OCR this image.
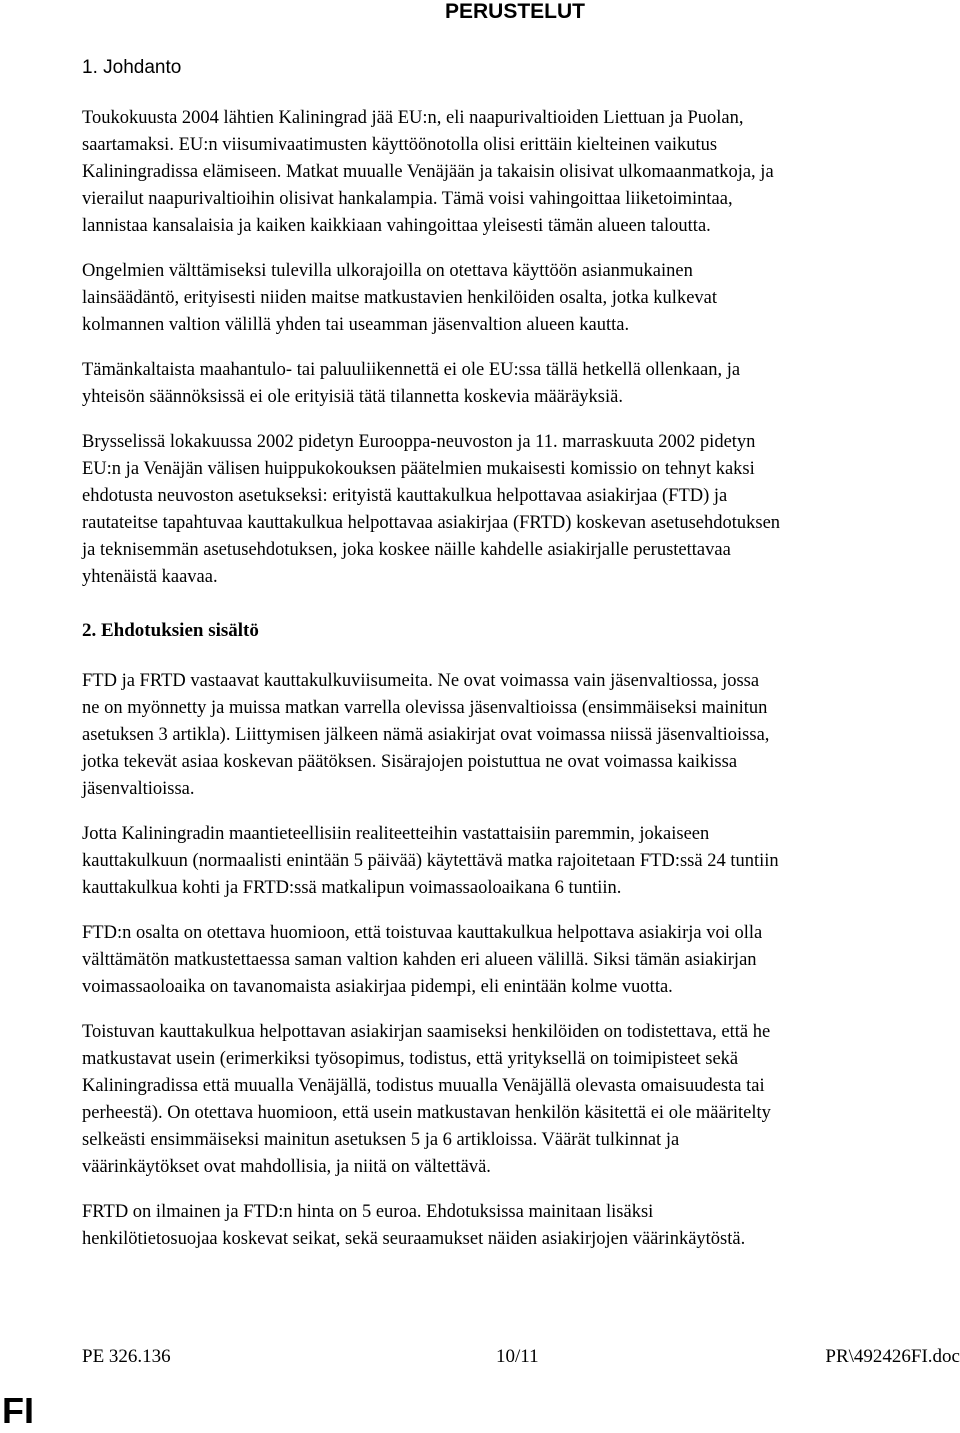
PERUSTELUT
1. Johdanto
Toukokuusta 2004 lähtien Kaliningrad jää EU:n, eli naapurivaltioiden Liettuan ja Puolan,
saartamaksi. EU:n viisumivaatimusten käyttöönotolla olisi erittäin kielteinen vaikutus
Kaliningradissa elämiseen. Matkat muualle Venäjään ja takaisin olisivat ulkomaanmatkoja, ja
vierailut naapurivaltioihin olisivat hankalampia. Tämä voisi vahingoittaa liiketoimintaa,
lannistaa kansalaisia ja kaiken kaikkiaan vahingoittaa yleisesti tämän alueen taloutta.
Ongelmien välttämiseksi tulevilla ulkorajoilla on otettava käyttöön asianmukainen
lainsäädäntö, erityisesti niiden maitse matkustavien henkilöiden osalta, jotka kulkevat
kolmannen valtion välillä yhden tai useamman jäsenvaltion alueen kautta.
Tämänkaltaista maahantulo- tai paluuliikennettä ei ole EU:ssa tällä hetkellä ollenkaan, ja
yhteisön säännöksissä ei ole erityisiä tätä tilannetta koskevia määräyksiä.
Brysselissä lokakuussa 2002 pidetyn Eurooppa-neuvoston ja 11. marraskuuta 2002 pidetyn
EU:n ja Venäjän välisen huippukokouksen päätelmien mukaisesti komissio on tehnyt kaksi
ehdotusta neuvoston asetukseksi: erityistä kauttakulkua helpottavaa asiakirjaa (FTD) ja
rautateitse tapahtuvaa kauttakulkua helpottavaa asiakirjaa (FRTD) koskevan asetusehdotuksen
ja teknisemmän asetusehdotuksen, joka koskee näille kahdelle asiakirjalle perustettavaa
yhtenäistä kaavaa.
2. Ehdotuksien sisältö
FTD ja FRTD vastaavat kauttakulkuviisumeita. Ne ovat voimassa vain jäsenvaltiossa, jossa
ne on myönnetty ja muissa matkan varrella olevissa jäsenvaltioissa (ensimmäiseksi mainitun
asetuksen 3 artikla). Liittymisen jälkeen nämä asiakirjat ovat voimassa niissä jäsenvaltioissa,
jotka tekevät asiaa koskevan päätöksen. Sisärajojen poistuttua ne ovat voimassa kaikissa
jäsenvaltioissa.
Jotta Kaliningradin maantieteellisiin realiteetteihin vastattaisiin paremmin, jokaiseen
kauttakulkuun (normaalisti enintään 5 päivää) käytettävä matka rajoitetaan FTD:ssä 24 tuntiin
kauttakulkua kohti ja FRTD:ssä matkalipun voimassaoloaikana 6 tuntiin.
FTD:n osalta on otettava huomioon, että toistuvaa kauttakulkua helpottava asiakirja voi olla
välttämätön matkustettaessa saman valtion kahden eri alueen välillä. Siksi tämän asiakirjan
voimassaoloaika on tavanomaista asiakirjaa pidempi, eli enintään kolme vuotta.
Toistuvan kauttakulkua helpottavan asiakirjan saamiseksi henkilöiden on todistettava, että he
matkustavat usein (erimerkiksi työsopimus, todistus, että yrityksellä on toimipisteet sekä
Kaliningradissa että muualla Venäjällä, todistus muualla Venäjällä olevasta omaisuudesta tai
perheestä). On otettava huomioon, että usein matkustavan henkilön käsitettä ei ole määritelty
selkeästi ensimmäiseksi mainitun asetuksen 5 ja 6 artikloissa. Väärät tulkinnat ja
väärinkäytökset ovat mahdollisia, ja niitä on vältettävä.
FRTD on ilmainen ja FTD:n hinta on 5 euroa. Ehdotuksissa mainitaan lisäksi
henkilötietosuojaa koskevat seikat, sekä seuraamukset näiden asiakirjojen väärinkäytöstä.
PE 326.136	10/11	PR\492426FI.doc
FI
